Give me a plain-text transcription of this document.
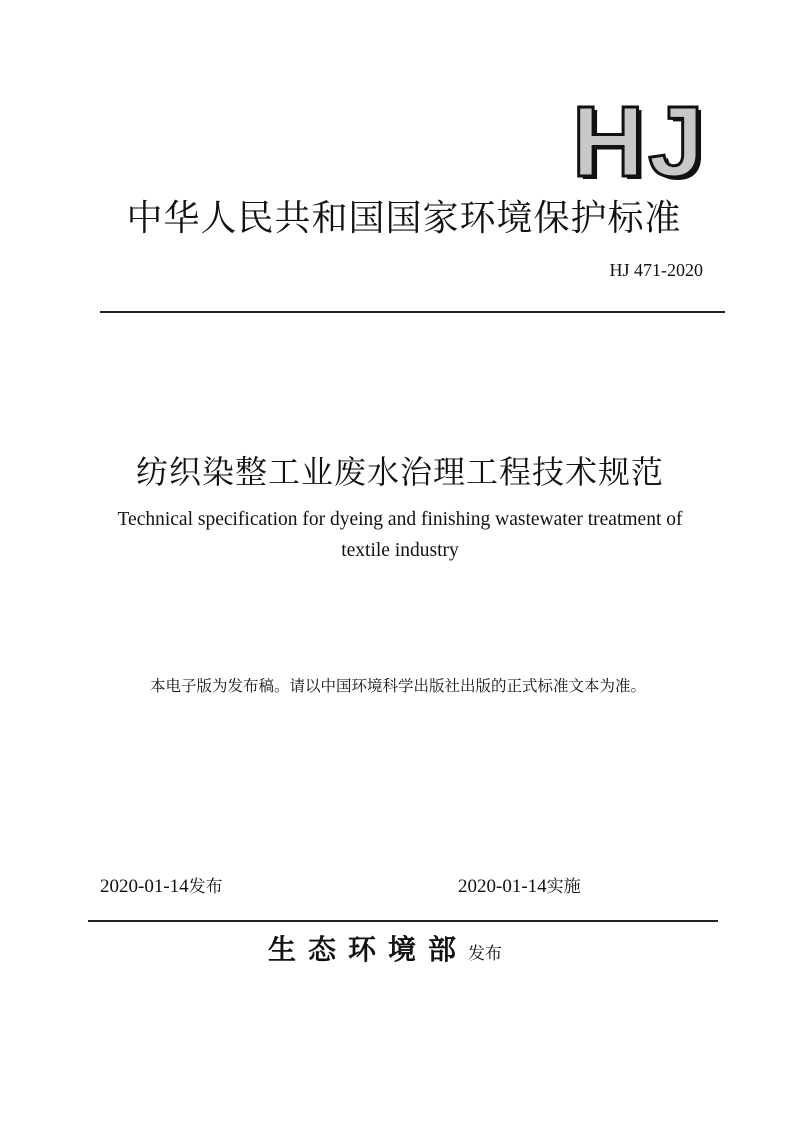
HJ
中华人民共和国国家环境保护标准
HJ 471-2020
纺织染整工业废水治理工程技术规范
Technical specification for dyeing and finishing wastewater treatment of
textile industry
本电子版为发布稿。请以中国环境科学出版社出版的正式标准文本为准。
2020-01-14发布	2020-01-14实施
生态环境部发布
